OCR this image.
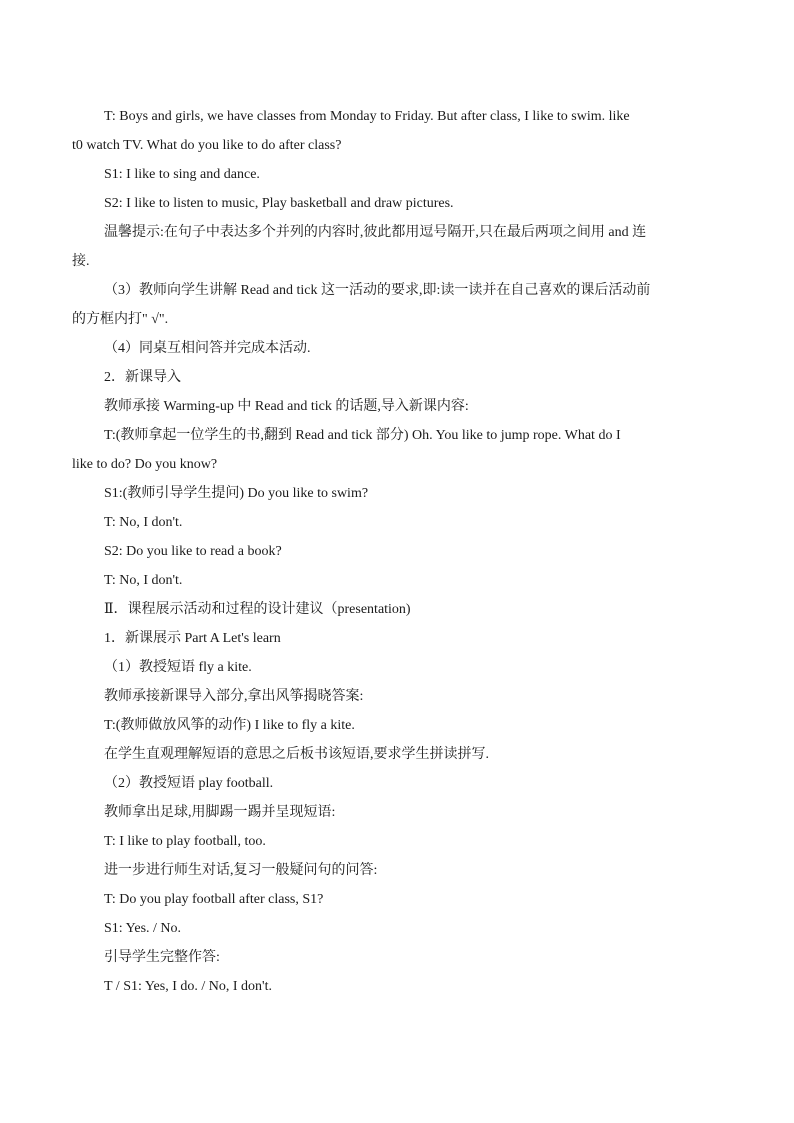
T: Boys and girls, we have classes from Monday to Friday. But after class, I like to swim. like
t0 watch TV. What do you like to do after class?
S1: I like to sing and dance.
S2: I like to listen to music, Play basketball and draw pictures.
温馨提示:在句子中表达多个并列的内容时,彼此都用逗号隔开,只在最后两项之间用 and 连
接.
（3）教师向学生讲解 Read and tick 这一活动的要求,即:读一读并在自己喜欢的课后活动前
的方框内打" √".
（4）同桌互相问答并完成本活动.
2．新课导入
教师承接 Warming-up 中 Read and tick 的话题,导入新课内容:
T:(教师拿起一位学生的书,翻到 Read and tick 部分) Oh. You like to jump rope. What do I
like to do? Do you know?
S1:(教师引导学生提问) Do you like to swim?
T: No, I don't.
S2: Do you like to read a book?
T: No, I don't.
Ⅱ．课程展示活动和过程的设计建议（presentation)
1．新课展示 Part A Let's learn
（1）教授短语 fly a kite.
教师承接新课导入部分,拿出风筝揭晓答案:
T:(教师做放风筝的动作) I like to fly a kite.
在学生直观理解短语的意思之后板书该短语,要求学生拼读拼写.
（2）教授短语 play football.
教师拿出足球,用脚踢一踢并呈现短语:
T: I like to play football, too.
进一步进行师生对话,复习一般疑问句的问答:
T: Do you play football after class, S1?
S1: Yes. / No.
引导学生完整作答:
T / S1: Yes, I do. / No, I don't.
